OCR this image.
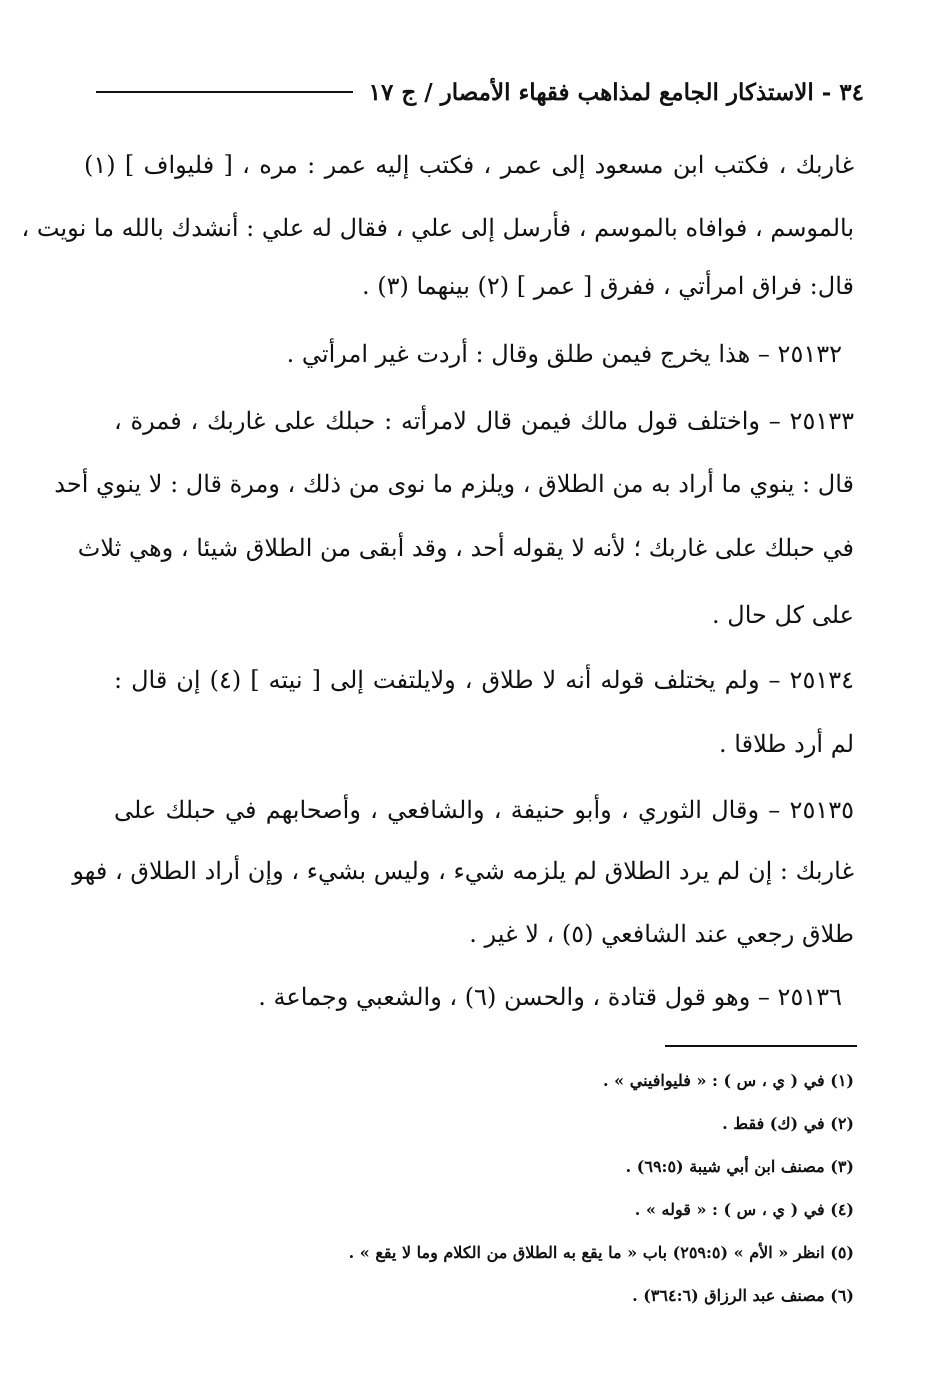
٣٤ - الاستذكار الجامع لمذاهب فقهاء الأمصار / ج ١٧
غاربك ، فكتب ابن مسعود إلى عمر ، فكتب إليه عمر : مره ، [ فليواف ] (١)
بالموسم ، فوافاه بالموسم ، فأرسل إلى علي ، فقال له علي : أنشدك بالله ما نويت ،
قال: فراق امرأتي ، ففرق [ عمر ] (٢) بينهما (٣) .
٢٥١٣٢ – هذا يخرج فيمن طلق وقال : أردت غير امرأتي .
٢٥١٣٣ – واختلف قول مالك فيمن قال لامرأته : حبلك على غاربك ، فمرة ،
قال : ينوي ما أراد به من الطلاق ، ويلزم ما نوى من ذلك ، ومرة قال : لا ينوي أحد
في حبلك على غاربك ؛ لأنه لا يقوله أحد ، وقد أبقى من الطلاق شيئا ، وهي ثلاث
على كل حال .
٢٥١٣٤ – ولم يختلف قوله أنه لا طلاق ، ولايلتفت إلى [ نيته ] (٤) إن قال :
لم أرد طلاقا .
٢٥١٣٥ – وقال الثوري ، وأبو حنيفة ، والشافعي ، وأصحابهم في حبلك على
غاربك : إن لم يرد الطلاق لم يلزمه شيء ، وليس بشيء ، وإن أراد الطلاق ، فهو
طلاق رجعي عند الشافعي (٥) ، لا غير .
٢٥١٣٦ – وهو قول قتادة ، والحسن (٦) ، والشعبي وجماعة .
(١) في ( ي ، س ) : « فليوافيني » .
(٢) في (ك) فقط .
(٣) مصنف ابن أبي شيبة (٦٩:٥) .
(٤) في ( ي ، س ) : « قوله » .
(٥) انظر « الأم » (٢٥٩:٥) باب « ما يقع به الطلاق من الكلام وما لا يقع » .
(٦) مصنف عبد الرزاق (٣٦٤:٦) .
